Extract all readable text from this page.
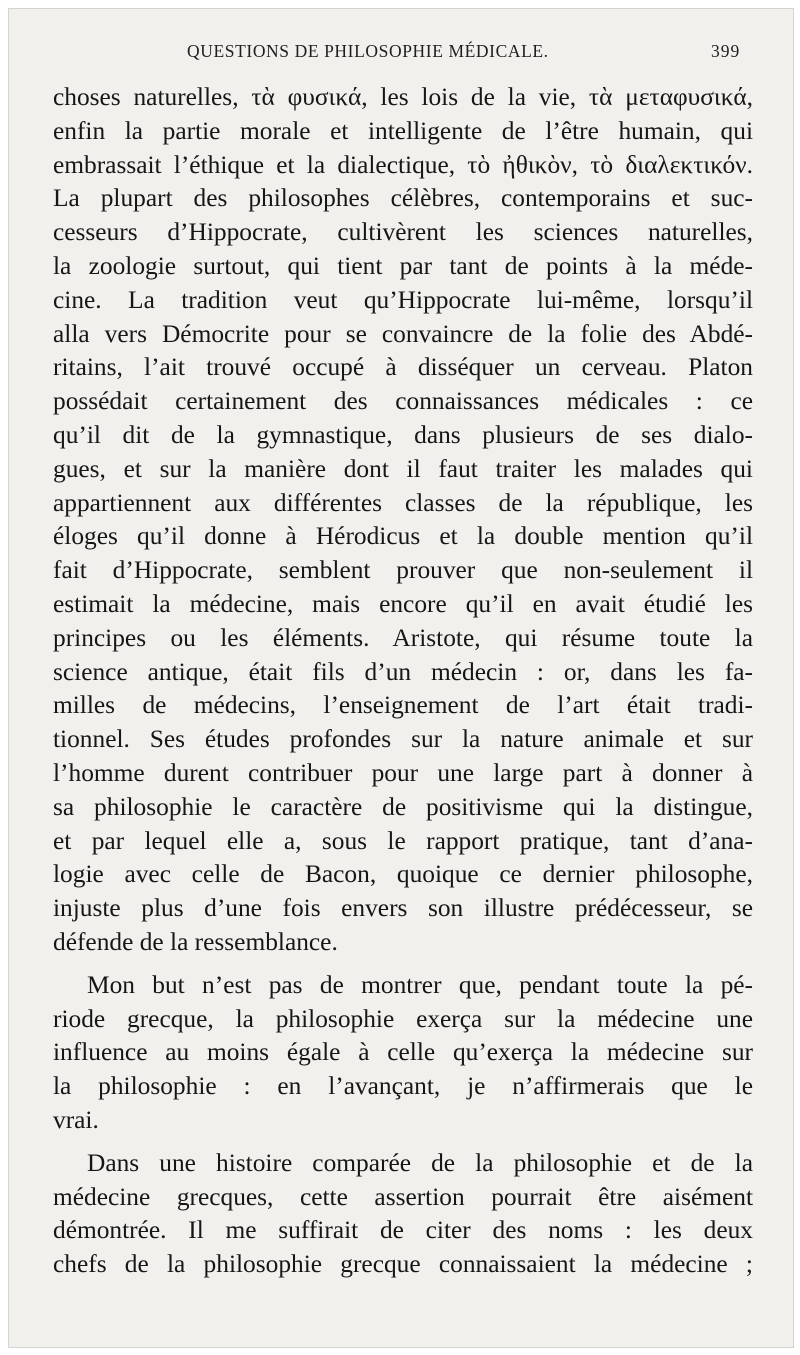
QUESTIONS DE PHILOSOPHIE MÉDICALE.	399
choses naturelles, τὰ φυσικά, les lois de la vie, τὰ μεταφυσικά,
enfin la partie morale et intelligente de l’être humain, qui
embrassait l’éthique et la dialectique, τὸ ἠθικὸν, τὸ διαλεκτικόν.
La plupart des philosophes célèbres, contemporains et suc-
cesseurs d’Hippocrate, cultivèrent les sciences naturelles,
la zoologie surtout, qui tient par tant de points à la méde-
cine. La tradition veut qu’Hippocrate lui-même, lorsqu’il
alla vers Démocrite pour se convaincre de la folie des Abdé-
ritains, l’ait trouvé occupé à disséquer un cerveau. Platon
possédait certainement des connaissances médicales : ce
qu’il dit de la gymnastique, dans plusieurs de ses dialo-
gues, et sur la manière dont il faut traiter les malades qui
appartiennent aux différentes classes de la république, les
éloges qu’il donne à Hérodicus et la double mention qu’il
fait d’Hippocrate, semblent prouver que non-seulement il
estimait la médecine, mais encore qu’il en avait étudié les
principes ou les éléments. Aristote, qui résume toute la
science antique, était fils d’un médecin : or, dans les fa-
milles de médecins, l’enseignement de l’art était tradi-
tionnel. Ses études profondes sur la nature animale et sur
l’homme durent contribuer pour une large part à donner à
sa philosophie le caractère de positivisme qui la distingue,
et par lequel elle a, sous le rapport pratique, tant d’ana-
logie avec celle de Bacon, quoique ce dernier philosophe,
injuste plus d’une fois envers son illustre prédécesseur, se
défende de la ressemblance.
Mon but n’est pas de montrer que, pendant toute la pé-
riode grecque, la philosophie exerça sur la médecine une
influence au moins égale à celle qu’exerça la médecine sur
la philosophie : en l’avançant, je n’affirmerais que le
vrai.
Dans une histoire comparée de la philosophie et de la
médecine grecques, cette assertion pourrait être aisément
démontrée. Il me suffirait de citer des noms : les deux
chefs de la philosophie grecque connaissaient la médecine ;
